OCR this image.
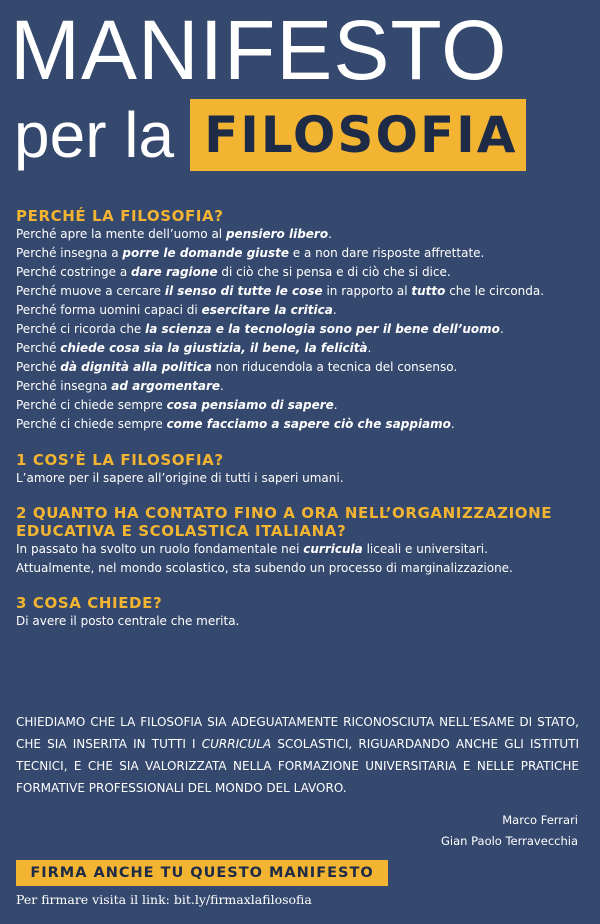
MANIFESTO
per la FILOSOFIA
PERCHÉ LA FILOSOFIA?

Perché apre la mente dell’uomo al pensiero libero.

Perché insegna a porre le domande giuste e a non dare risposte affrettate.

Perché costringe a dare ragione di ciò che si pensa e di ciò che si dice.

Perché muove a cercare il senso di tutte le cose in rapporto al tutto che le circonda.

Perché forma uomini capaci di esercitare la critica.

Perché ci ricorda che la scienza e la tecnologia sono per il bene dell’uomo.

Perché chiede cosa sia la giustizia, il bene, la felicità.

Perché dà dignità alla politica non riducendola a tecnica del consenso.

Perché insegna ad argomentare.

Perché ci chiede sempre cosa pensiamo di sapere.

Perché ci chiede sempre come facciamo a sapere ciò che sappiamo.

1 COS’È LA FILOSOFIA?

L’amore per il sapere all’origine di tutti i saperi umani.

2 QUANTO HA CONTATO FINO A ORA NELL’ORGANIZZAZIONE
EDUCATIVA E SCOLASTICA ITALIANA?

In passato ha svolto un ruolo fondamentale nei curricula liceali e universitari.

Attualmente, nel mondo scolastico, sta subendo un processo di marginalizzazione.

3 COSA CHIEDE?

Di avere il posto centrale che merita.

CHIEDIAMO CHE LA FILOSOFIA SIA ADEGUATAMENTE RICONOSCIUTA NELL’ESAME DI STATO, CHE SIA INSERITA IN TUTTI I CURRICULA SCOLASTICI, RIGUARDANDO ANCHE GLI ISTITUTI TECNICI, E CHE SIA VALORIZZATA NELLA FORMAZIONE UNIVERSITARIA E NELLE PRATICHE FORMATIVE PROFESSIONALI DEL MONDO DEL LAVORO.

Marco Ferrari
Gian Paolo Terravecchia
FIRMA ANCHE TU QUESTO MANIFESTO
Per firmare visita il link: bit.ly/firmaxlafilosofia
